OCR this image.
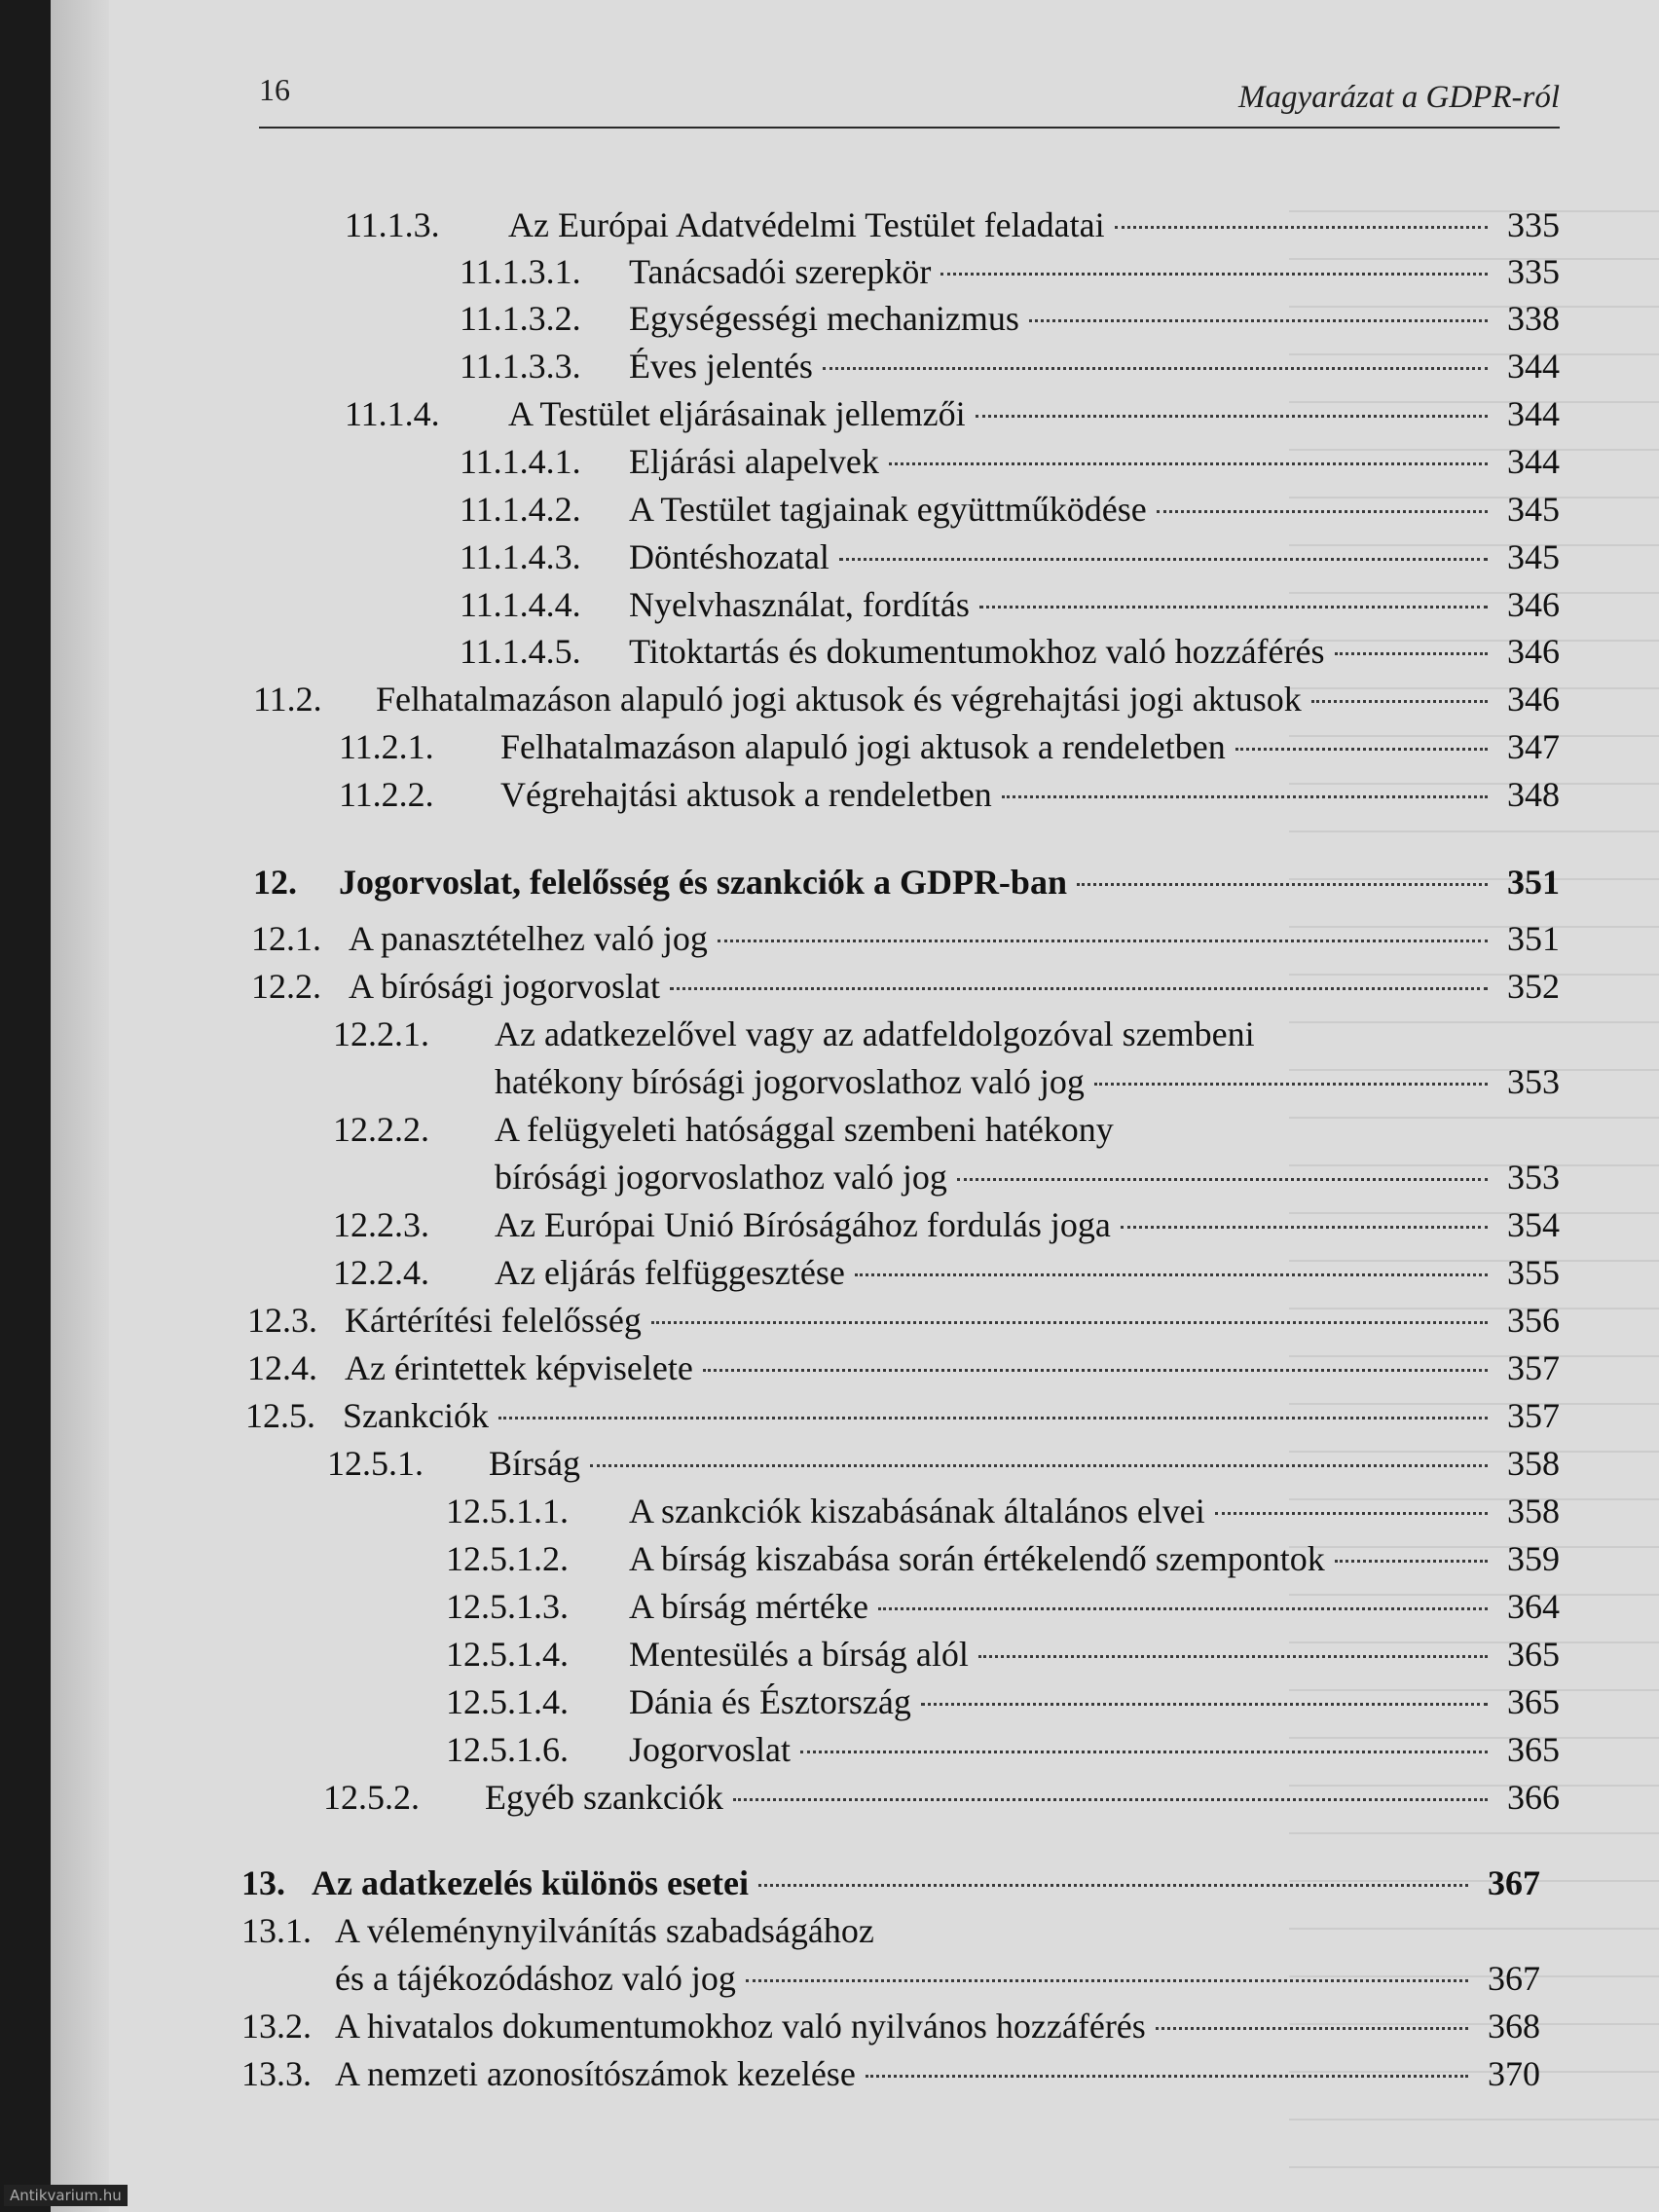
16	Magyarázat a GDPR-ról
11.1.3.	Az Európai Adatvédelmi Testület feladatai	335
11.1.3.1.	Tanácsadói szerepkör	335
11.1.3.2.	Egységességi mechanizmus	338
11.1.3.3.	Éves jelentés	344
11.1.4.	A Testület eljárásainak jellemzői	344
11.1.4.1.	Eljárási alapelvek	344
11.1.4.2.	A Testület tagjainak együttműködése	345
11.1.4.3.	Döntéshozatal	345
11.1.4.4.	Nyelvhasználat, fordítás	346
11.1.4.5.	Titoktartás és dokumentumokhoz való hozzáférés	346
11.2.	Felhatalmazáson alapuló jogi aktusok és végrehajtási jogi aktusok	346
11.2.1.	Felhatalmazáson alapuló jogi aktusok a rendeletben	347
11.2.2.	Végrehajtási aktusok a rendeletben	348
12.	Jogorvoslat, felelősség és szankciók a GDPR-ban	351
12.1. A panasztételhez való jog	351
12.2. A bírósági jogorvoslat	352
12.2.1.	Az adatkezelővel vagy az adatfeldolgozóval szembeni
hatékony bírósági jogorvoslathoz való jog	353
12.2.2.	A felügyeleti hatósággal szembeni hatékony
bírósági jogorvoslathoz való jog	353
12.2.3.	Az Európai Unió Bíróságához fordulás joga	354
12.2.4.	Az eljárás felfüggesztése	355
12.3. Kártérítési felelősség	356
12.4. Az érintettek képviselete	357
12.5. Szankciók	357
12.5.1.	Bírság	358
12.5.1.1.	A szankciók kiszabásának általános elvei	358
12.5.1.2.	A bírság kiszabása során értékelendő szempontok	359
12.5.1.3.	A bírság mértéke	364
12.5.1.4.	Mentesülés a bírság alól	365
12.5.1.4.	Dánia és Észtország	365
12.5.1.6.	Jogorvoslat	365
12.5.2.	Egyéb szankciók	366
13. Az adatkezelés különös esetei	367
13.1. A véleménynyilvánítás szabadságához
és a tájékozódáshoz való jog	367
13.2. A hivatalos dokumentumokhoz való nyilvános hozzáférés	368
13.3. A nemzeti azonosítószámok kezelése	370
Antikvarium.hu
